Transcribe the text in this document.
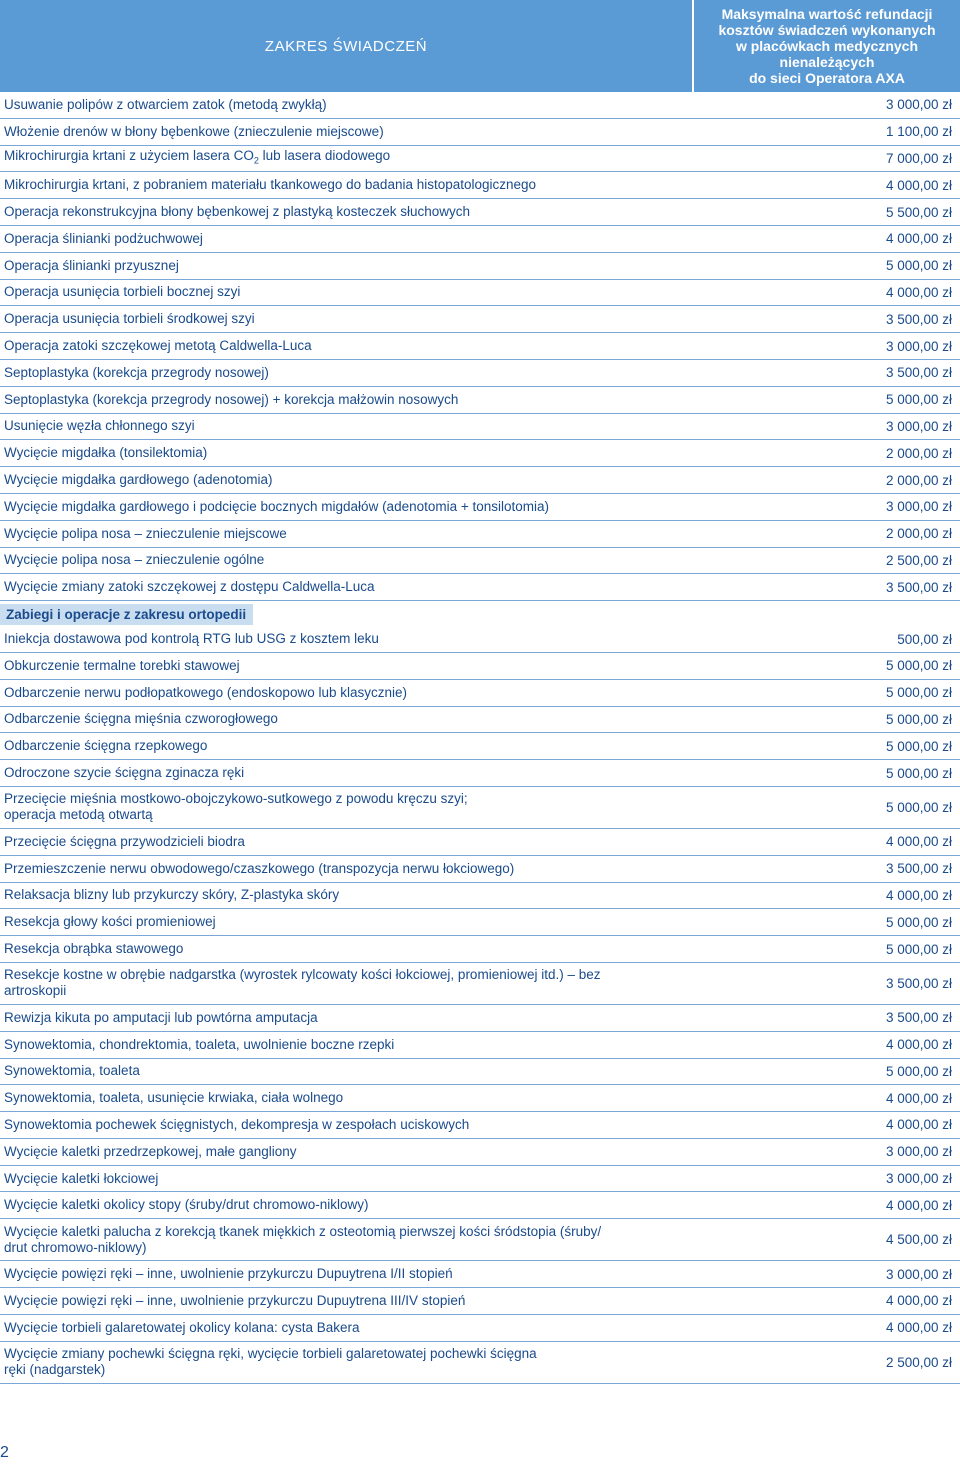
ZAKRES ŚWIADCZEŃ
Maksymalna wartość refundacji
kosztów świadczeń wykonanych
w placówkach medycznych
nienależących
do sieci Operatora AXA
Usuwanie polipów z otwarciem zatok (metodą zwykłą)	3 000,00 zł
Włożenie drenów w błony bębenkowe (znieczulenie miejscowe)	1 100,00 zł
Mikrochirurgia krtani z użyciem lasera $CO_2$ lub lasera diodowego	7 000,00 zł
Mikrochirurgia krtani, z pobraniem materiału tkankowego do badania histopatologicznego	4 000,00 zł
Operacja rekonstrukcyjna błony bębenkowej z plastyką kosteczek słuchowych	5 500,00 zł
Operacja ślinianki podżuchwowej	4 000,00 zł
Operacja ślinianki przyusznej	5 000,00 zł
Operacja usunięcia torbieli bocznej szyi	4 000,00 zł
Operacja usunięcia torbieli środkowej szyi	3 500,00 zł
Operacja zatoki szczękowej metotą Caldwella-Luca	3 000,00 zł
Septoplastyka (korekcja przegrody nosowej)	3 500,00 zł
Septoplastyka (korekcja przegrody nosowej) + korekcja małżowin nosowych	5 000,00 zł
Usunięcie węzła chłonnego szyi	3 000,00 zł
Wycięcie migdałka (tonsilektomia)	2 000,00 zł
Wycięcie migdałka gardłowego (adenotomia)	2 000,00 zł
Wycięcie migdałka gardłowego i podcięcie bocznych migdałów (adenotomia + tonsilotomia)	3 000,00 zł
Wycięcie polipa nosa – znieczulenie miejscowe	2 000,00 zł
Wycięcie polipa nosa – znieczulenie ogólne	2 500,00 zł
Wycięcie zmiany zatoki szczękowej z dostępu Caldwella-Luca	3 500,00 zł
Zabiegi i operacje z zakresu ortopedii
Iniekcja dostawowa pod kontrolą RTG lub USG z kosztem leku	500,00 zł
Obkurczenie termalne torebki stawowej	5 000,00 zł
Odbarczenie nerwu podłopatkowego (endoskopowo lub klasycznie)	5 000,00 zł
Odbarczenie ścięgna mięśnia czworogłowego	5 000,00 zł
Odbarczenie ścięgna rzepkowego	5 000,00 zł
Odroczone szycie ścięgna zginacza ręki	5 000,00 zł
Przecięcie mięśnia mostkowo-obojczykowo-sutkowego z powodu kręczu szyi;
operacja metodą otwartą	5 000,00 zł
Przecięcie ścięgna przywodzicieli biodra	4 000,00 zł
Przemieszczenie nerwu obwodowego/czaszkowego (transpozycja nerwu łokciowego)	3 500,00 zł
Relaksacja blizny lub przykurczy skóry, Z-plastyka skóry	4 000,00 zł
Resekcja głowy kości promieniowej	5 000,00 zł
Resekcja obrąbka stawowego	5 000,00 zł
Resekcje kostne w obrębie nadgarstka (wyrostek rylcowaty kości łokciowej, promieniowej itd.) – bez
artroskopii	3 500,00 zł
Rewizja kikuta po amputacji lub powtórna amputacja	3 500,00 zł
Synowektomia, chondrektomia, toaleta, uwolnienie boczne rzepki	4 000,00 zł
Synowektomia, toaleta	5 000,00 zł
Synowektomia, toaleta, usunięcie krwiaka, ciała wolnego	4 000,00 zł
Synowektomia pochewek ścięgnistych, dekompresja w zespołach uciskowych	4 000,00 zł
Wycięcie kaletki przedrzepkowej, małe gangliony	3 000,00 zł
Wycięcie kaletki łokciowej	3 000,00 zł
Wycięcie kaletki okolicy stopy (śruby/drut chromowo-niklowy)	4 000,00 zł
Wycięcie kaletki palucha z korekcją tkanek miękkich z osteotomią pierwszej kości śródstopia (śruby/
drut chromowo-niklowy)	4 500,00 zł
Wycięcie powięzi ręki – inne, uwolnienie przykurczu Dupuytrena I/II stopień	3 000,00 zł
Wycięcie powięzi ręki – inne, uwolnienie przykurczu Dupuytrena III/IV stopień	4 000,00 zł
Wycięcie torbieli galaretowatej okolicy kolana: cysta Bakera	4 000,00 zł
Wycięcie zmiany pochewki ścięgna ręki, wycięcie torbieli galaretowatej pochewki ścięgna
ręki (nadgarstek)	2 500,00 zł
2
